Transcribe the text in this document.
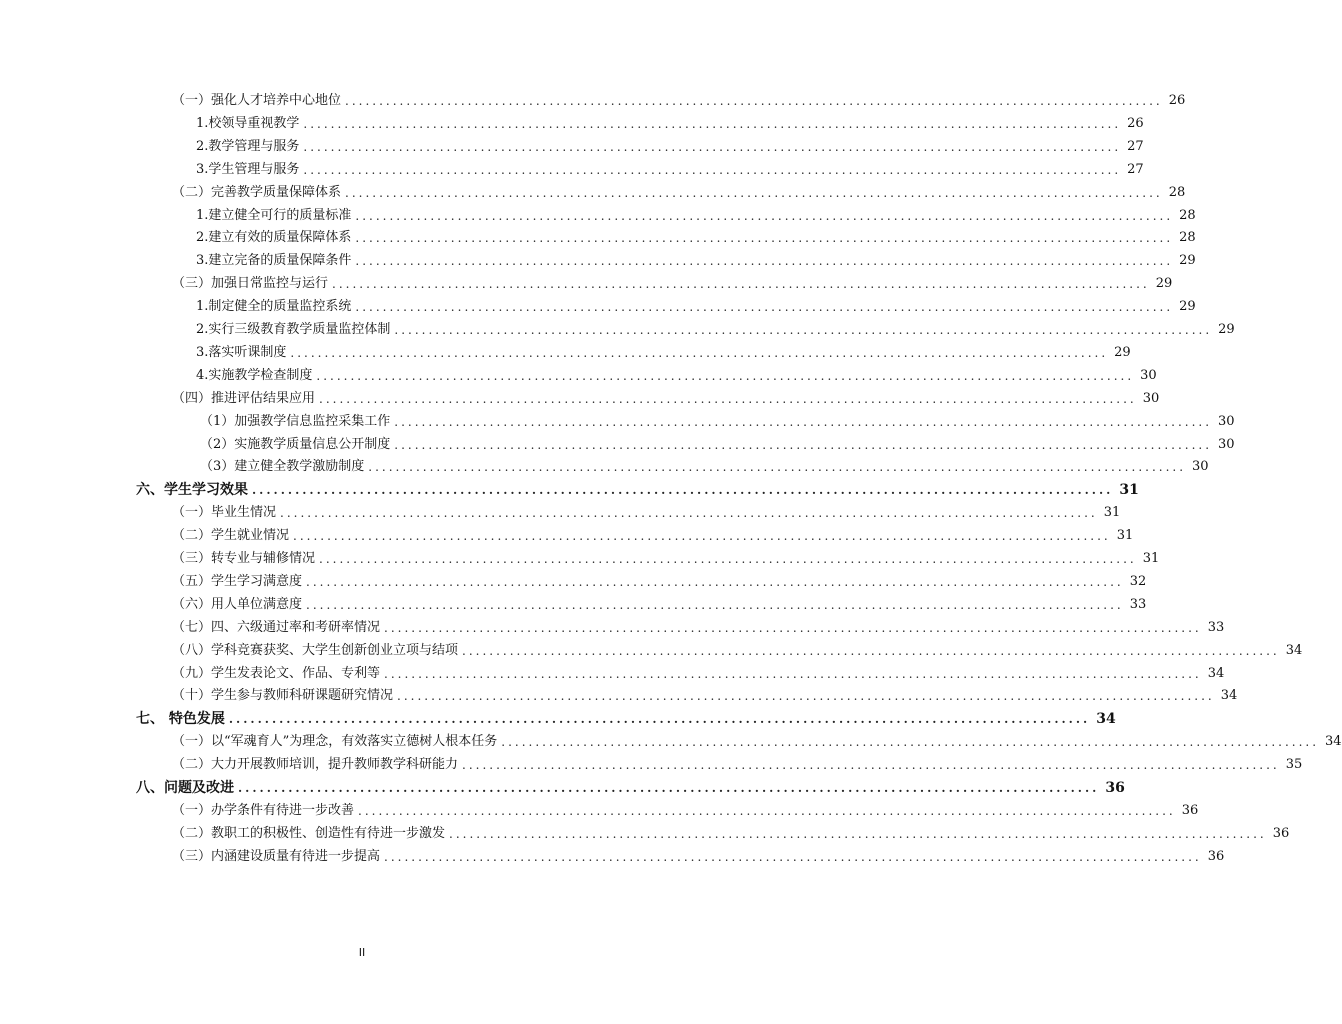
（一）强化人才培养中心地位 ........................................................................................................................ 26
1.校领导重视教学 ........................................................................................................................ 26
2.教学管理与服务 ........................................................................................................................ 27
3.学生管理与服务 ........................................................................................................................ 27
（二）完善教学质量保障体系 ........................................................................................................................ 28
1.建立健全可行的质量标准 ........................................................................................................................ 28
2.建立有效的质量保障体系 ........................................................................................................................ 28
3.建立完备的质量保障条件 ........................................................................................................................ 29
（三）加强日常监控与运行 ........................................................................................................................ 29
1.制定健全的质量监控系统 ........................................................................................................................ 29
2.实行三级教育教学质量监控体制 ........................................................................................................................ 29
3.落实听课制度 ........................................................................................................................ 29
4.实施教学检查制度 ........................................................................................................................ 30
（四）推进评估结果应用 ........................................................................................................................ 30
（1）加强教学信息监控采集工作 ........................................................................................................................ 30
（2）实施教学质量信息公开制度 ........................................................................................................................ 30
（3）建立健全教学激励制度 ........................................................................................................................ 30
六、学生学习效果 ........................................................................................................................ 31
（一）毕业生情况 ........................................................................................................................ 31
（二）学生就业情况 ........................................................................................................................ 31
（三）转专业与辅修情况 ........................................................................................................................ 31
（五）学生学习满意度 ........................................................................................................................ 32
（六）用人单位满意度 ........................................................................................................................ 33
（七）四、六级通过率和考研率情况 ........................................................................................................................ 33
（八）学科竞赛获奖、大学生创新创业立项与结项 ........................................................................................................................ 34
（九）学生发表论文、作品、专利等 ........................................................................................................................ 34
（十）学生参与教师科研课题研究情况 ........................................................................................................................ 34
七、 特色发展 ........................................................................................................................ 34
（一）以“军魂育人”为理念，有效落实立德树人根本任务 ........................................................................................................................ 34
（二）大力开展教师培训，提升教师教学科研能力 ........................................................................................................................ 35
八、问题及改进 ........................................................................................................................ 36
（一）办学条件有待进一步改善 ........................................................................................................................ 36
（二）教职工的积极性、创造性有待进一步激发 ........................................................................................................................ 36
（三）内涵建设质量有待进一步提高 ........................................................................................................................ 36
II
